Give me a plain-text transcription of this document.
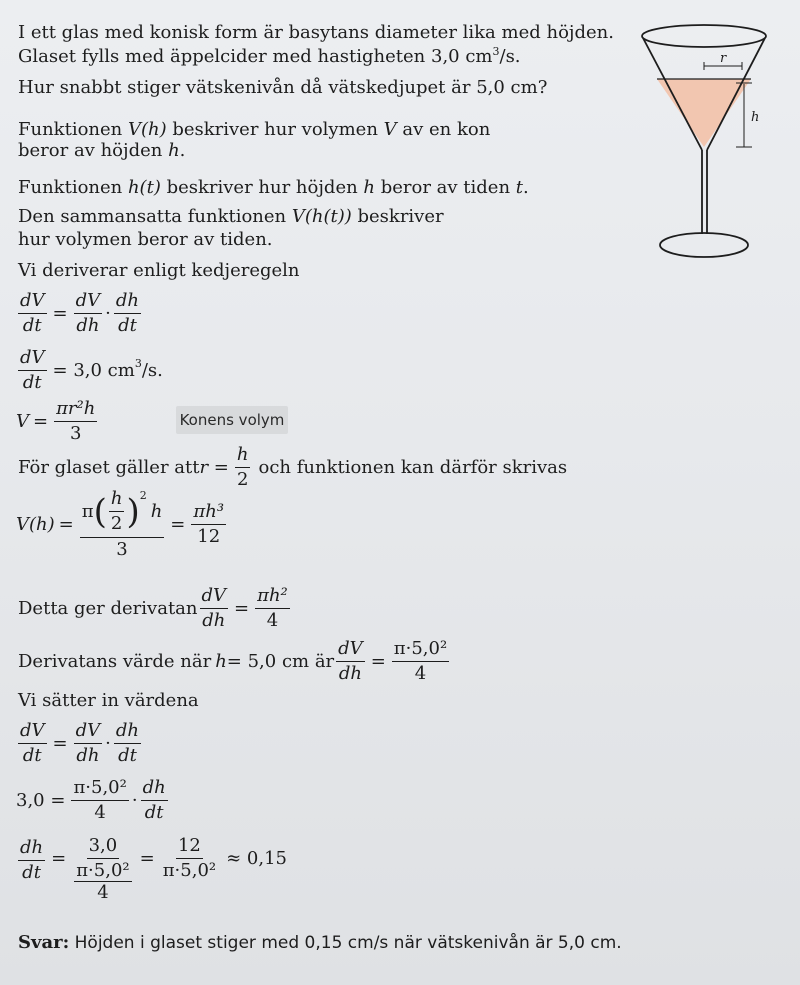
I ett glas med konisk form är basytans diameter lika med höjden.
Glaset fylls med äppelcider med hastigheten 3,0 $cm^3/s$.
Hur snabbt stiger vätskenivån då vätskedjupet är 5,0 cm?
r
h
Funktionen V(h) beskriver hur volymen V av en kon
beror av höjden h.
Funktionen h(t) beskriver hur höjden h beror av tiden t.
Den sammansatta funktionen V(h(t)) beskriver
hur volymen beror av tiden.
Vi deriverar enligt kedjeregeln
$\frac{dV}{dt} = \frac{dV}{dh} \cdot \frac{dh}{dt}$
$\frac{dV}{dt} = 3,0$ cm 3 /s.
$V = \frac{\text{πr²h}}{3}$	Konens volym
För glaset gäller att $r = \frac{h}{2}$ och funktionen kan därför skrivas
V(h) = π ( $\frac{h}{2}$ ) 2
h
$3 = \frac{\text{πh³}}{12}$
Detta ger derivatan $\frac{dV}{dh} = \frac{\text{πh²}}{4}$
Derivatans värde när h = 5,0 cm är $\frac{dV}{dh} = \frac{\text{π·5,0²}}{4}$
Vi sätter in värdena
$\frac{dV}{dt} = \frac{dV}{dh} \cdot \frac{dh}{dt}$
$3,0 = \frac{\text{π·5,0²}}{4} \cdot \frac{dh}{dt}$
$\frac{dh}{dt} = 3,0$
π·5,0²
$4 = \frac{12}{\text{π·5,0²}} \approx 0,15$
Svar: Höjden i glaset stiger med 0,15 cm/s när vätskenivån är 5,0 cm.
